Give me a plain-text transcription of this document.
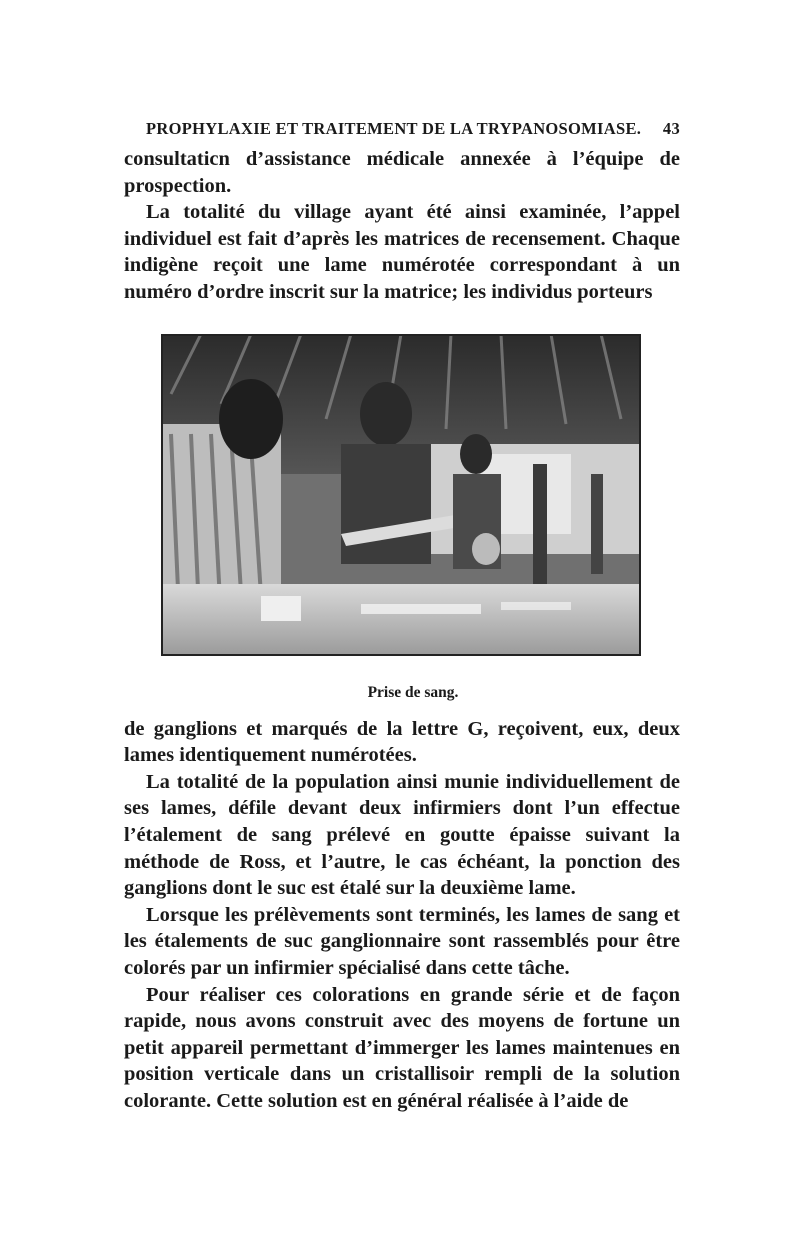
PROPHYLAXIE ET TRAITEMENT DE LA TRYPANOSOMIASE. 43

consultaticn d’assistance médicale annexée à l’équipe de prospection.

La totalité du village ayant été ainsi examinée, l’appel individuel est fait d’après les matrices de recensement. Chaque indigène reçoit une lame numérotée correspondant à un numéro d’ordre inscrit sur la matrice; les individus porteurs

Prise de sang.

de ganglions et marqués de la lettre G, reçoivent, eux, deux lames identiquement numérotées.

La totalité de la population ainsi munie individuellement de ses lames, défile devant deux infirmiers dont l’un effectue l’étalement de sang prélevé en goutte épaisse suivant la méthode de Ross, et l’autre, le cas échéant, la ponction des ganglions dont le suc est étalé sur la deuxième lame.

Lorsque les prélèvements sont terminés, les lames de sang et les étalements de suc ganglionnaire sont rassemblés pour être colorés par un infirmier spécialisé dans cette tâche.

Pour réaliser ces colorations en grande série et de façon rapide, nous avons construit avec des moyens de fortune un petit appareil permettant d’immerger les lames maintenues en position verticale dans un cristallisoir rempli de la solution colorante. Cette solution est en général réalisée à l’aide de
